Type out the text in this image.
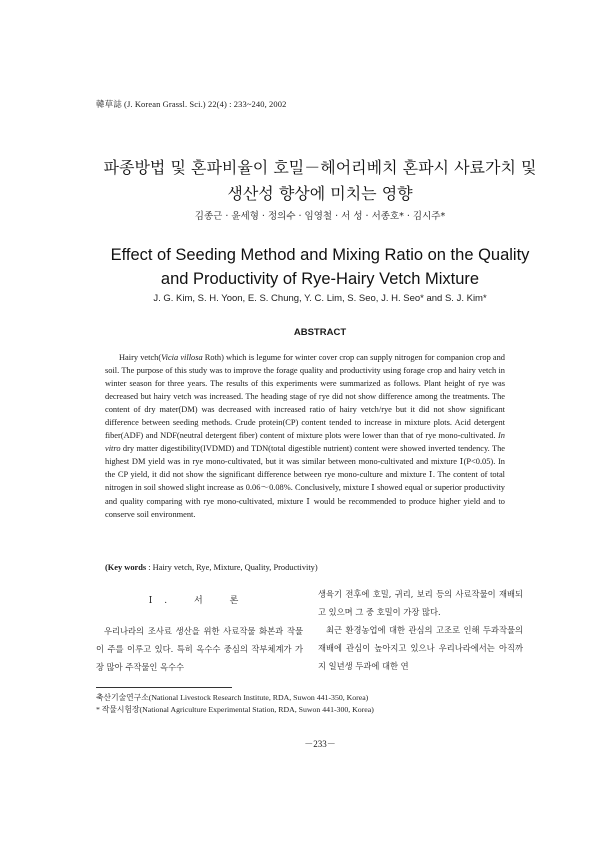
韓草誌 (J. Korean Grassl. Sci.) 22(4) : 233~240, 2002
파종방법 및 혼파비율이 호밀－헤어리베치 혼파시 사료가치 및
생산성 향상에 미치는 영향
김종근 · 윤세형 · 정의수 · 임영철 · 서 성 · 서종호* · 김시주*
Effect of Seeding Method and Mixing Ratio on the Quality
and Productivity of Rye-Hairy Vetch Mixture
J. G. Kim, S. H. Yoon, E. S. Chung, Y. C. Lim, S. Seo, J. H. Seo* and S. J. Kim*
ABSTRACT

Hairy vetch(Vicia villosa Roth) which is legume for winter cover crop can supply nitrogen for companion crop and soil. The purpose of this study was to improve the forage quality and productivity using forage crop and hairy vetch in winter season for three years. The results of this experiments were summarized as follows. Plant height of rye was decreased but hairy vetch was increased. The heading stage of rye did not show difference among the treatments. The content of dry mater(DM) was decreased with increased ratio of hairy vetch/rye but it did not show significant difference between seeding methods. Crude protein(CP) content tended to increase in mixture plots. Acid detergent fiber(ADF) and NDF(neutral detergent fiber) content of mixture plots were lower than that of rye mono-cultivated. In vitro dry matter digestibility(IVDMD) and TDN(total digestible nutrient) content were showed inverted tendency. The highest DM yield was in rye mono-cultivated, but it was similar between mono-cultivated and mixture Ⅰ(P<0.05). In the CP yield, it did not show the significant difference between rye mono-culture and mixture Ⅰ. The content of total nitrogen in soil showed slight increase as 0.06～0.08%. Conclusively, mixture Ⅰ showed equal or superior productivity and quality comparing with rye mono-cultivated, mixture Ⅰ would be recommended to produce higher yield and to conserve soil environment.

(Key words : Hairy vetch, Rye, Mixture, Quality, Productivity)
Ⅰ. 서 론

우리나라의 조사료 생산을 위한 사료작물 화본과 작물이 주를 이루고 있다. 특히 옥수수 중심의 작부체계가 가장 많아 주작물인 옥수수

생육기 전후에 호밀, 귀리, 보리 등의 사료작물이 재배되고 있으며 그 중 호밀이 가장 많다.

최근 환경농업에 대한 관심의 고조로 인해 두과작물의 재배에 관심이 높아지고 있으나 우리나라에서는 아직까지 일년생 두과에 대한 연

축산기술연구소(National Livestock Research Institute, RDA, Suwon 441-350, Korea)
* 작물시험장(National Agriculture Experimental Station, RDA, Suwon 441-300, Korea)
－233－
